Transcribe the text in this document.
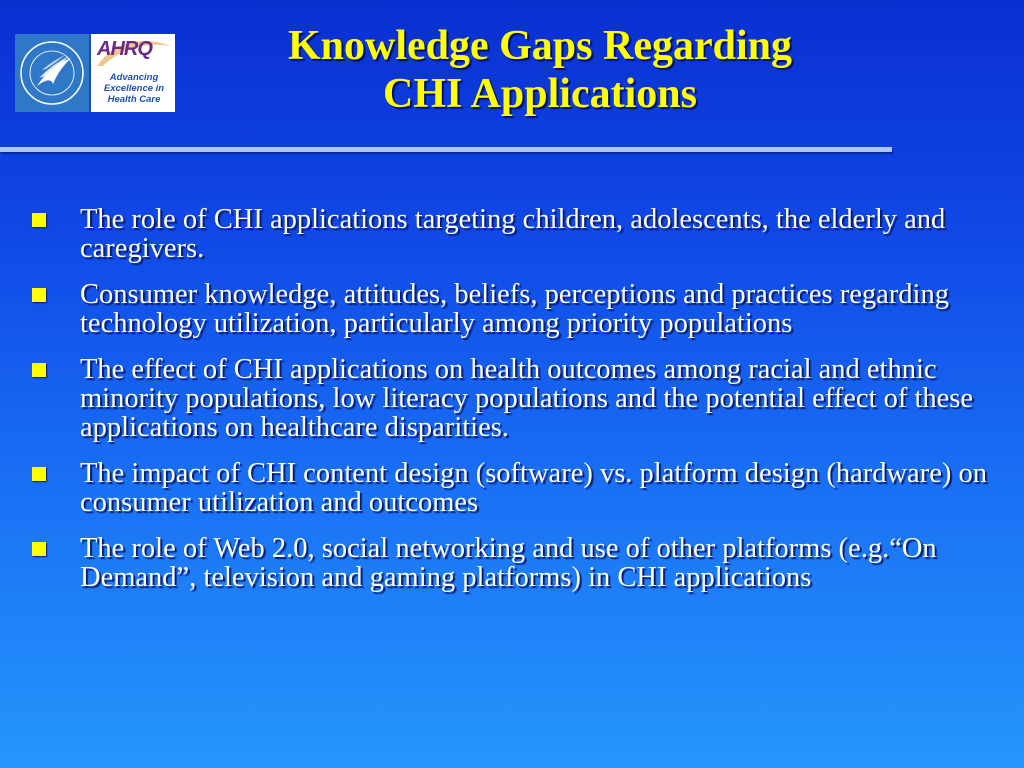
AHRQ
Advancing Excellence in Health Care
Knowledge Gaps Regarding
CHI Applications
The role of CHI applications targeting children, adolescents, the elderly and caregivers.
Consumer knowledge, attitudes, beliefs, perceptions and practices regarding technology utilization, particularly among priority populations
The effect of CHI applications on health outcomes among racial and ethnic minority populations, low literacy populations and the potential effect of these applications on healthcare disparities.
The impact of CHI content design (software) vs. platform design (hardware) on consumer utilization and outcomes
The role of Web 2.0, social networking and use of other platforms (e.g.“On Demand”, television and gaming platforms) in CHI applications
